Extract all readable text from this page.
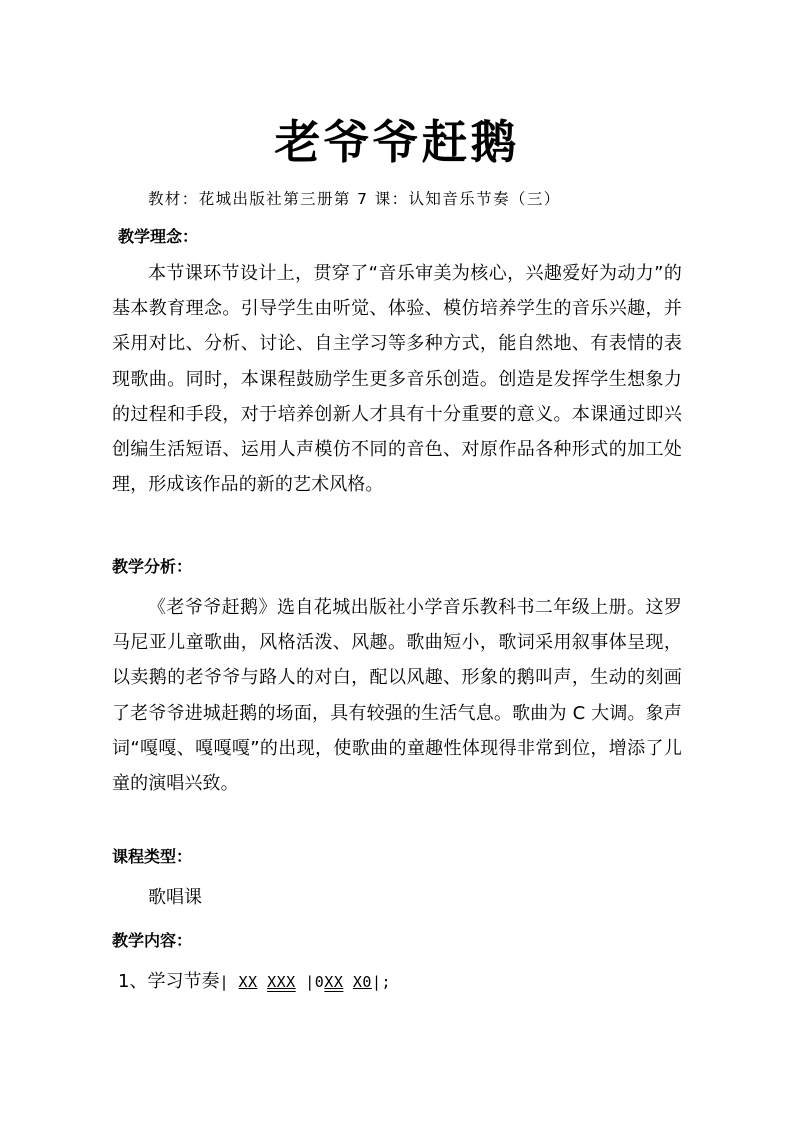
老爷爷赶鹅
教材：花城出版社第三册第 7 课：认知音乐节奏（三）
教学理念：

本节课环节设计上，贯穿了“音乐审美为核心，兴趣爱好为动力”的基本教育理念。引导学生由听觉、体验、模仿培养学生的音乐兴趣，并采用对比、分析、讨论、自主学习等多种方式，能自然地、有表情的表现歌曲。同时，本课程鼓励学生更多音乐创造。创造是发挥学生想象力的过程和手段，对于培养创新人才具有十分重要的意义。本课通过即兴创编生活短语、运用人声模仿不同的音色、对原作品各种形式的加工处理，形成该作品的新的艺术风格。

教学分析：

《老爷爷赶鹅》选自花城出版社小学音乐教科书二年级上册。这罗马尼亚儿童歌曲，风格活泼、风趣。歌曲短小，歌词采用叙事体呈现，以卖鹅的老爷爷与路人的对白，配以风趣、形象的鹅叫声，生动的刻画了老爷爷进城赶鹅的场面，具有较强的生活气息。歌曲为 C 大调。象声词“嘎嘎、嘎嘎嘎”的出现，使歌曲的童趣性体现得非常到位，增添了儿童的演唱兴致。

课程类型：
歌唱课
教学内容：
1、学习节奏| XX XXX |0XX X0|;
